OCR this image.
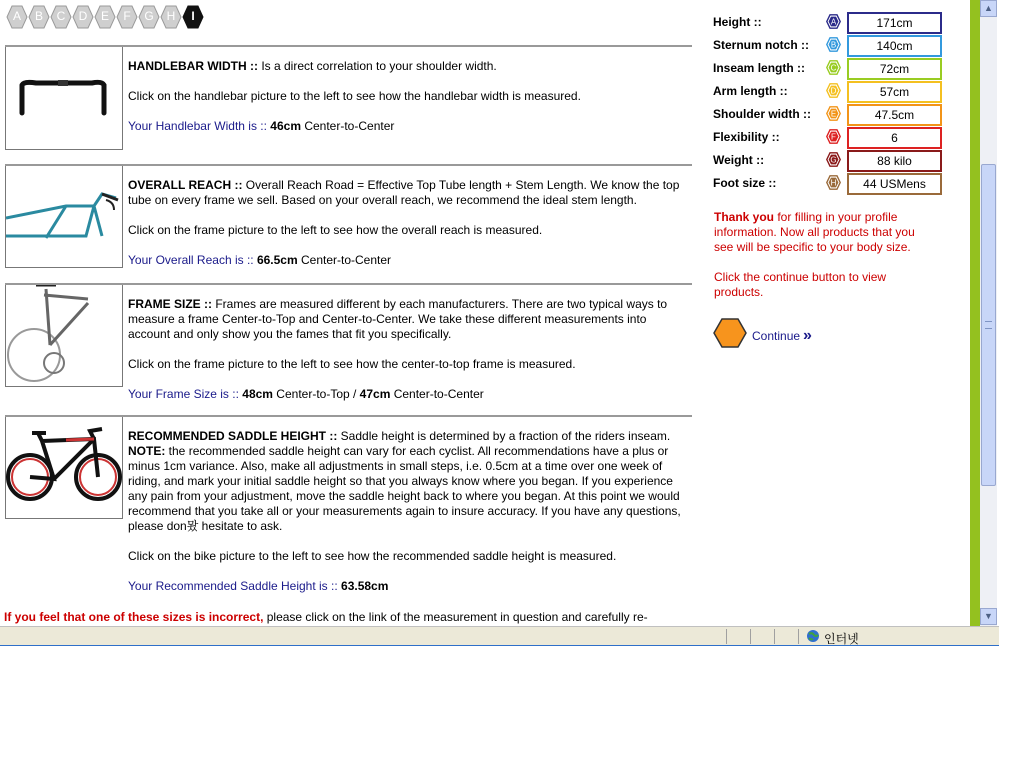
A	B	C	D	E	F	G	H	I

HANDLEBAR WIDTH :: Is a direct correlation to your shoulder width.

Click on the handlebar picture to the left to see how the handlebar width is measured.

Your Handlebar Width is :: 46cm Center-to-Center

OVERALL REACH :: Overall Reach Road = Effective Top Tube length + Stem Length. We know the top tube on every frame we sell. Based on your overall reach, we recommend the ideal stem length.

Click on the frame picture to the left to see how the overall reach is measured.

Your Overall Reach is :: 66.5cm Center-to-Center

FRAME SIZE :: Frames are measured different by each manufacturers. There are two typical ways to measure a frame Center-to-Top and Center-to-Center. We take these different measurements into account and only show you the fames that fit you specifically.

Click on the frame picture to the left to see how the center-to-top frame is measured.

Your Frame Size is :: 48cm Center-to-Top / 47cm Center-to-Center

RECOMMENDED SADDLE HEIGHT :: Saddle height is determined by a fraction of the riders inseam.
NOTE: the recommended saddle height can vary for each cyclist. All recommendations have a plus or minus 1cm variance. Also, make all adjustments in small steps, i.e. 0.5cm at a time over one week of riding, and mark your initial saddle height so that you always know where you began. If you experience any pain from your adjustment, move the saddle height back to where you began. At this point we would recommend that you take all or your measurements again to insure accuracy. If you have any questions, please don뫘 hesitate to ask.

Click on the bike picture to the left to see how the recommended saddle height is measured.

Your Recommended Saddle Height is :: 63.58cm

If you feel that one of these sizes is incorrect, please click on the link of the measurement in question and carefully re-
Height ::	A	171cm
Sternum notch ::	B	140cm
Inseam length ::	C	72cm
Arm length ::	D	57cm
Shoulder width :: E	47.5cm
Flexibility ::	F	6
Weight ::	G	88 kilo
Foot size ::	H	44 USMens

Thank you for filling in your profile information. Now all products that you see will be specific to your body size.

Click the continue button to view products.

Continue »
▲
▼
인터넷
